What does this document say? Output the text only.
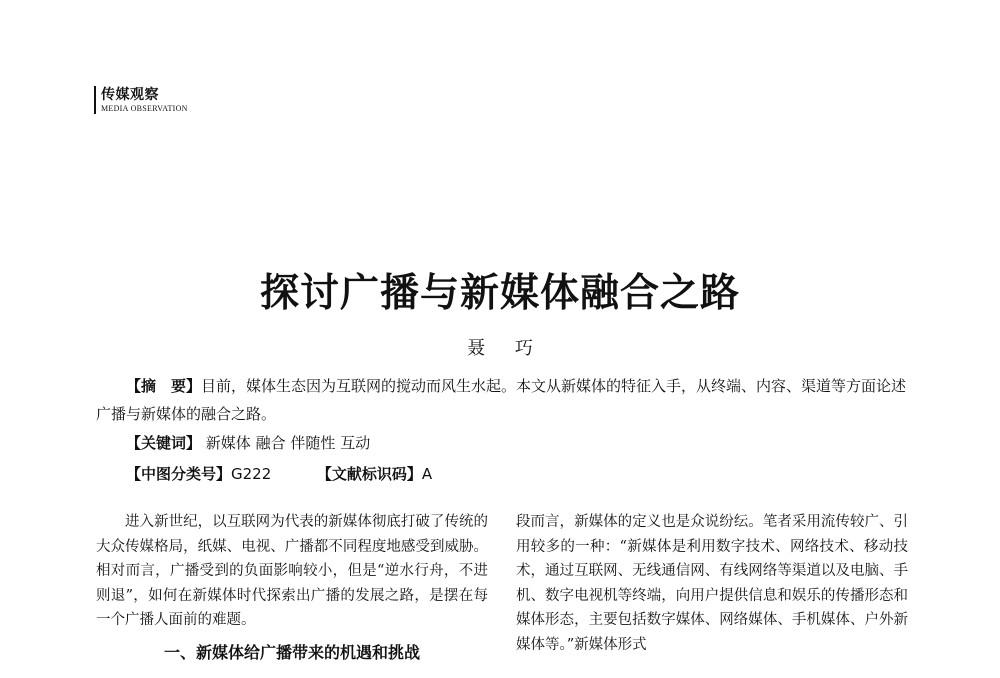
传媒观察
MEDIA OBSERVATION
探讨广播与新媒体融合之路
聂 巧

【摘　要】目前，媒体生态因为互联网的搅动而风生水起。本文从新媒体的特征入手，从终端、内容、渠道等方面论述广播与新媒体的融合之路。

【关键词】 新媒体 融合 伴随性 互动
【中图分类号】G222	【文献标识码】A

进入新世纪，以互联网为代表的新媒体彻底打破了传统的大众传媒格局，纸媒、电视、广播都不同程度地感受到威胁。相对而言，广播受到的负面影响较小，但是“逆水行舟，不进则退”，如何在新媒体时代探索出广播的发展之路，是摆在每一个广播人面前的难题。

一、新媒体给广播带来的机遇和挑战

段而言，新媒体的定义也是众说纷纭。笔者采用流传较广、引用较多的一种：“新媒体是利用数字技术、网络技术、移动技术，通过互联网、无线通信网、有线网络等渠道以及电脑、手机、数字电视机等终端，向用户提供信息和娱乐的传播形态和媒体形态，主要包括数字媒体、网络媒体、手机媒体、户外新媒体等。”新媒体形式
